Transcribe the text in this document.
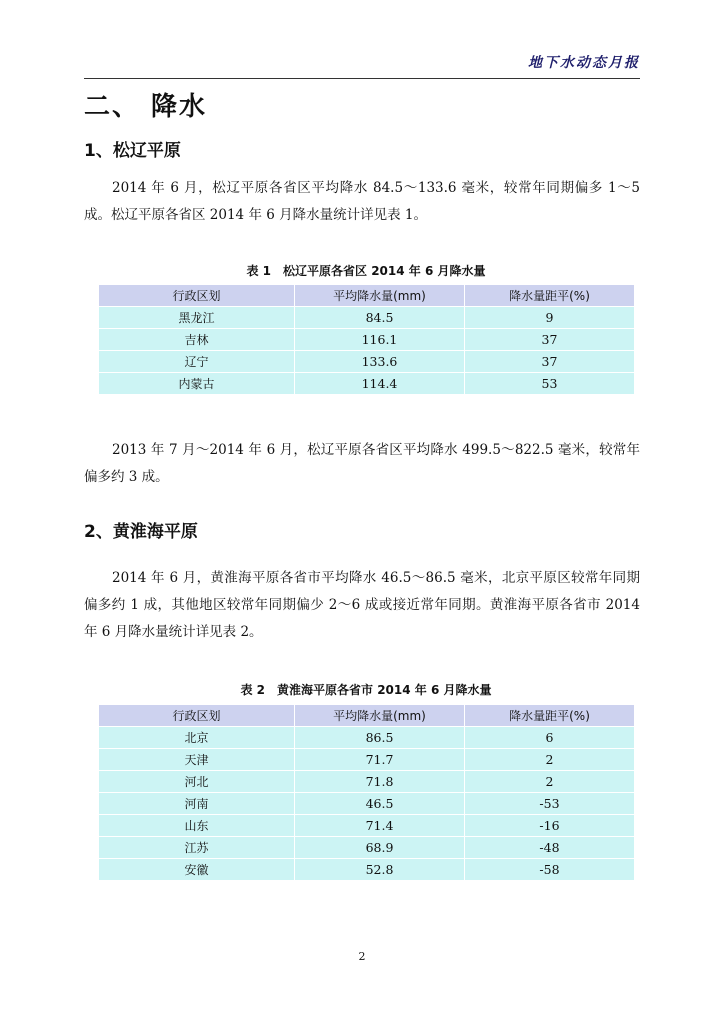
地下水动态月报
二、 降水
1、松辽平原
2014 年 6 月，松辽平原各省区平均降水 84.5～133.6 毫米，较常年同期偏多 1～5 成。松辽平原各省区 2014 年 6 月降水量统计详见表 1。
表 1　松辽平原各省区 2014 年 6 月降水量
行政区划	平均降水量(mm)	降水量距平(%)
黑龙江	84.5	9
吉林	116.1	37
辽宁	133.6	37
内蒙古	114.4	53
2013 年 7 月～2014 年 6 月，松辽平原各省区平均降水 499.5～822.5 毫米，较常年偏多约 3 成。
2、黄淮海平原
2014 年 6 月，黄淮海平原各省市平均降水 46.5～86.5 毫米，北京平原区较常年同期偏多约 1 成，其他地区较常年同期偏少 2～6 成或接近常年同期。黄淮海平原各省市 2014 年 6 月降水量统计详见表 2。
表 2　黄淮海平原各省市 2014 年 6 月降水量
行政区划	平均降水量(mm)	降水量距平(%)
北京	86.5	6
天津	71.7	2
河北	71.8	2
河南	46.5	-53
山东	71.4	-16
江苏	68.9	-48
安徽	52.8	-58
2
